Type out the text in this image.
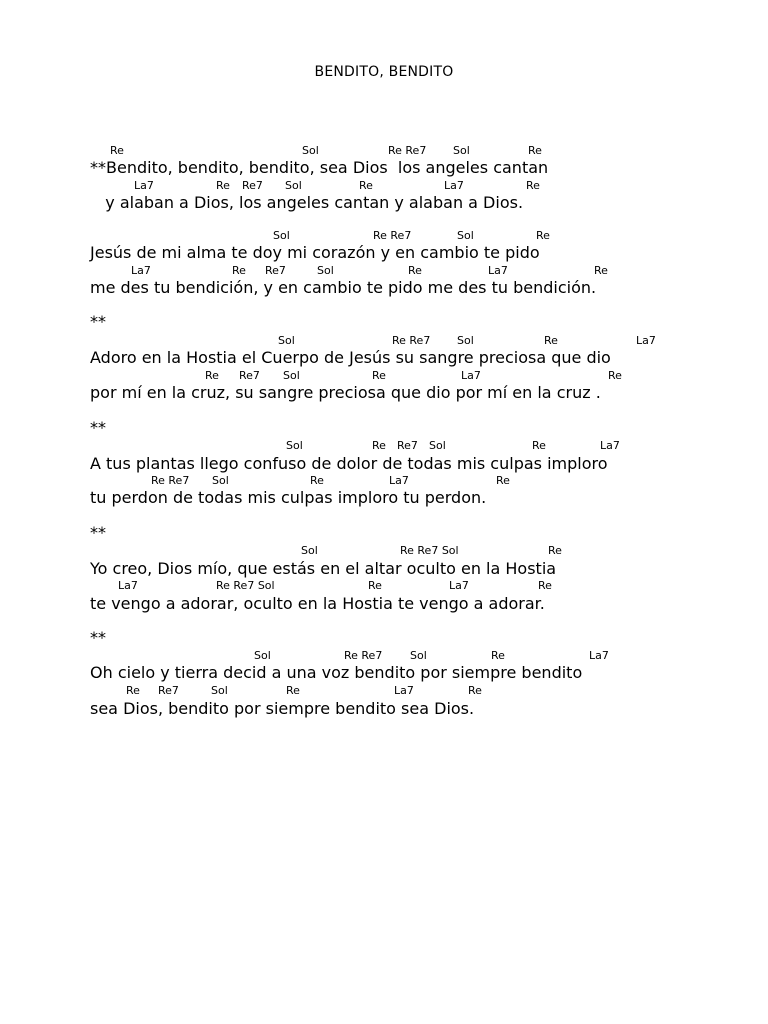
BENDITO, BENDITO
**Bendito, bendito, bendito, sea Dios  los angeles cantan
y alaban a Dios, los angeles cantan y alaban a Dios.
Jesús de mi alma te doy mi corazón y en cambio te pido
me des tu bendición, y en cambio te pido me des tu bendición.
**
Adoro en la Hostia el Cuerpo de Jesús su sangre preciosa que dio
por mí en la cruz, su sangre preciosa que dio por mí en la cruz .
**
A tus plantas llego confuso de dolor de todas mis culpas imploro
tu perdon de todas mis culpas imploro tu perdon.
**
Yo creo, Dios mío, que estás en el altar oculto en la Hostia
te vengo a adorar, oculto en la Hostia te vengo a adorar.
**
Oh cielo y tierra decid a una voz bendito por siempre bendito
sea Dios, bendito por siempre bendito sea Dios.
Re	Sol	Re Re7 Sol	Re
La7	Re Re7 Sol	Re	La7	Re
Sol	Re Re7	Sol	Re
La7	Re Re7	Sol	Re	La7	Re
Sol	Re Re7 Sol	Re	La7
Re Re7 Sol	Re	La7	Re
Sol	Re Re7 Sol	Re	La7
Re Re7 Sol	Re	La7	Re
Sol	Re Re7 Sol	Re
La7	Re Re7 Sol	Re	La7	Re
Sol	Re Re7	Sol	Re	La7
Re Re7	Sol	Re	La7	Re
